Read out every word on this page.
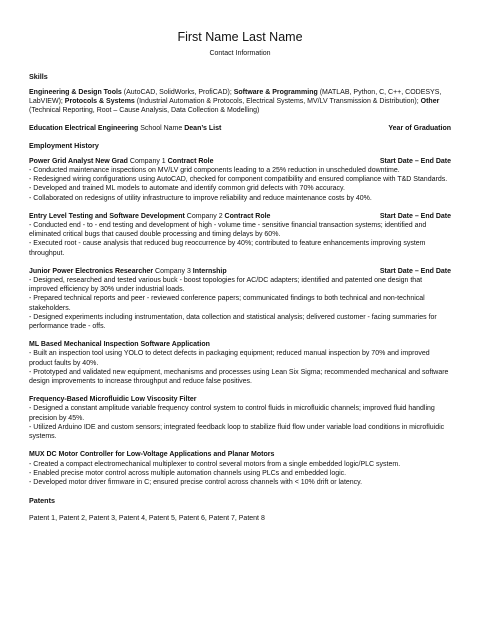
First Name Last Name
Contact Information
Skills
Engineering & Design Tools (AutoCAD, SolidWorks, ProfiCAD); Software & Programming (MATLAB, Python, C, C++, CODESYS, LabVIEW); Protocols & Systems (Industrial Automation & Protocols, Electrical Systems, MV/LV Transmission & Distribution); Other (Technical Reporting, Root – Cause Analysis, Data Collection & Modelling)
Education Electrical Engineering School Name Dean’s List	Year of Graduation
Employment History
Power Grid Analyst New Grad Company 1 Contract Role	Start Date – End Date
- Conducted maintenance inspections on MV/LV grid components leading to a 25% reduction in unscheduled downtime.
- Redesigned wiring configurations using AutoCAD, checked for component compatibility and ensured compliance with T&D Standards.
- Developed and trained ML models to automate and identify common grid defects with 70% accuracy.
- Collaborated on redesigns of utility infrastructure to improve reliability and reduce maintenance costs by 40%.
Entry Level Testing and Software Development Company 2 Contract Role	Start Date – End Date
- Conducted end - to - end testing and development of high - volume time - sensitive financial transaction systems; identified and eliminated critical bugs that caused double processing and timing delays by 60%.
- Executed root - cause analysis that reduced bug reoccurrence by 40%; contributed to feature enhancements improving system throughput.
Junior Power Electronics Researcher Company 3 Internship	Start Date – End Date
- Designed, researched and tested various buck - boost topologies for AC/DC adapters; identified and patented one design that improved efficiency by 30% under industrial loads.
- Prepared technical reports and peer - reviewed conference papers; communicated findings to both technical and non-technical stakeholders.
- Designed experiments including instrumentation, data collection and statistical analysis; delivered customer - facing summaries for performance trade - offs.
ML Based Mechanical Inspection Software Application
- Built an inspection tool using YOLO to detect defects in packaging equipment; reduced manual inspection by 70% and improved product faults by 40%.
- Prototyped and validated new equipment, mechanisms and processes using Lean Six Sigma; recommended mechanical and software design improvements to increase throughput and reduce false positives.
Frequency-Based Microfluidic Low Viscosity Filter
- Designed a constant amplitude variable frequency control system to control fluids in microfluidic channels; improved fluid handling precision by 45%.
- Utilized Arduino IDE and custom sensors; integrated feedback loop to stabilize fluid flow under variable load conditions in microfluidic systems.
MUX DC Motor Controller for Low-Voltage Applications and Planar Motors
- Created a compact electromechanical multiplexer to control several motors from a single embedded logic/PLC system.
- Enabled precise motor control across multiple automation channels using PLCs and embedded logic.
- Developed motor driver firmware in C; ensured precise control across channels with < 10% drift or latency.
Patents
Patent 1, Patent 2, Patent 3, Patent 4, Patent 5, Patent 6, Patent 7, Patent 8
